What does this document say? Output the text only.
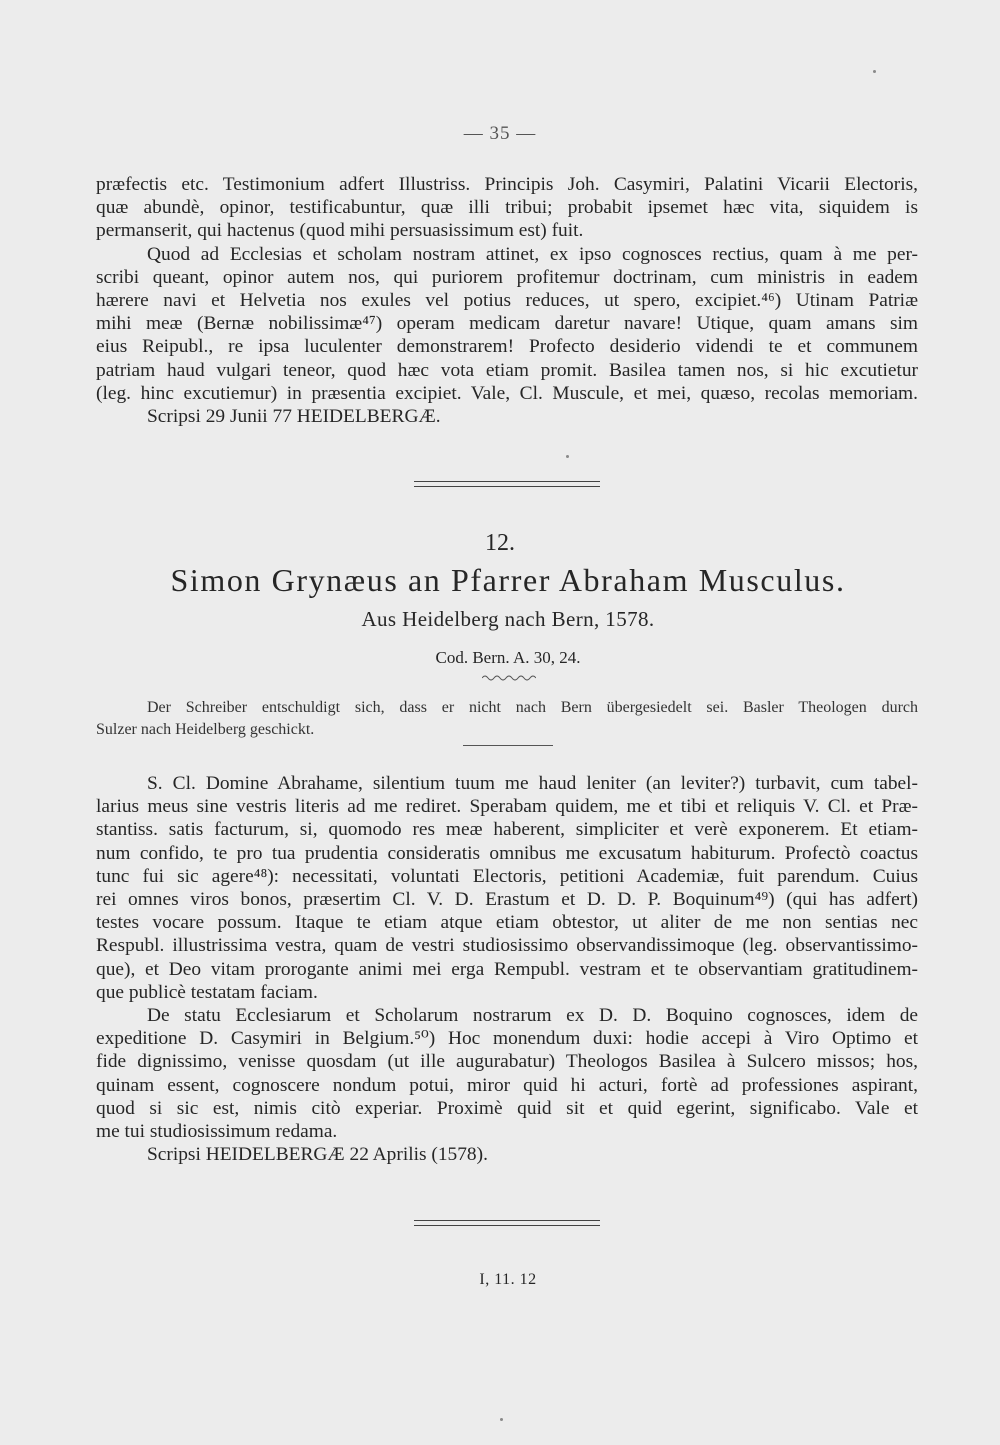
— 35 —

præfectis etc. Testimonium adfert Illustriss. Principis Joh. Casymiri, Palatini Vicarii Electoris,
quæ abundè, opinor, testificabuntur, quæ illi tribui; probabit ipsemet hæc vita, siquidem is
permanserit, qui hactenus (quod mihi persuasissimum est) fuit.

Quod ad Ecclesias et scholam nostram attinet, ex ipso cognosces rectius, quam à me per-
scribi queant, opinor autem nos, qui puriorem profitemur doctrinam, cum ministris in eadem
hærere navi et Helvetia nos exules vel potius reduces, ut spero, excipiet.⁴⁶) Utinam Patriæ
mihi meæ (Bernæ nobilissimæ⁴⁷) operam medicam daretur navare! Utique, quam amans sim
eius Reipubl., re ipsa luculenter demonstrarem! Profecto desiderio videndi te et communem
patriam haud vulgari teneor, quod hæc vota etiam promit. Basilea tamen nos, si hic excutietur
(leg. hinc excutiemur) in præsentia excipiet. Vale, Cl. Muscule, et mei, quæso, recolas memoriam.

Scripsi 29 Junii 77 HEIDELBERGÆ.

12.
Simon Grynæus an Pfarrer Abraham Musculus.
Aus Heidelberg nach Bern, 1578.
Cod. Bern. A. 30, 24.
Der Schreiber entschuldigt sich, dass er nicht nach Bern übergesiedelt sei. Basler Theologen durch
Sulzer nach Heidelberg geschickt.

S. Cl. Domine Abrahame, silentium tuum me haud leniter (an leviter?) turbavit, cum tabel-
larius meus sine vestris literis ad me rediret. Sperabam quidem, me et tibi et reliquis V. Cl. et Præ-
stantiss. satis facturum, si, quomodo res meæ haberent, simpliciter et verè exponerem. Et etiam-
num confido, te pro tua prudentia consideratis omnibus me excusatum habiturum. Profectò coactus
tunc fui sic agere⁴⁸): necessitati, voluntati Electoris, petitioni Academiæ, fuit parendum. Cuius
rei omnes viros bonos, præsertim Cl. V. D. Erastum et D. D. P. Boquinum⁴⁹) (qui has adfert)
testes vocare possum. Itaque te etiam atque etiam obtestor, ut aliter de me non sentias nec
Respubl. illustrissima vestra, quam de vestri studiosissimo observandissimoque (leg. observantissimo-
que), et Deo vitam prorogante animi mei erga Rempubl. vestram et te observantiam gratitudinem-
que publicè testatam faciam.

De statu Ecclesiarum et Scholarum nostrarum ex D. D. Boquino cognosces, idem de
expeditione D. Casymiri in Belgium.⁵⁰) Hoc monendum duxi: hodie accepi à Viro Optimo et
fide dignissimo, venisse quosdam (ut ille augurabatur) Theologos Basilea à Sulcero missos; hos,
quinam essent, cognoscere nondum potui, miror quid hi acturi, fortè ad professiones aspirant,
quod si sic est, nimis citò experiar. Proximè quid sit et quid egerint, significabo. Vale et
me tui studiosissimum redama.

Scripsi HEIDELBERGÆ 22 Aprilis (1578).

I, 11. 12
